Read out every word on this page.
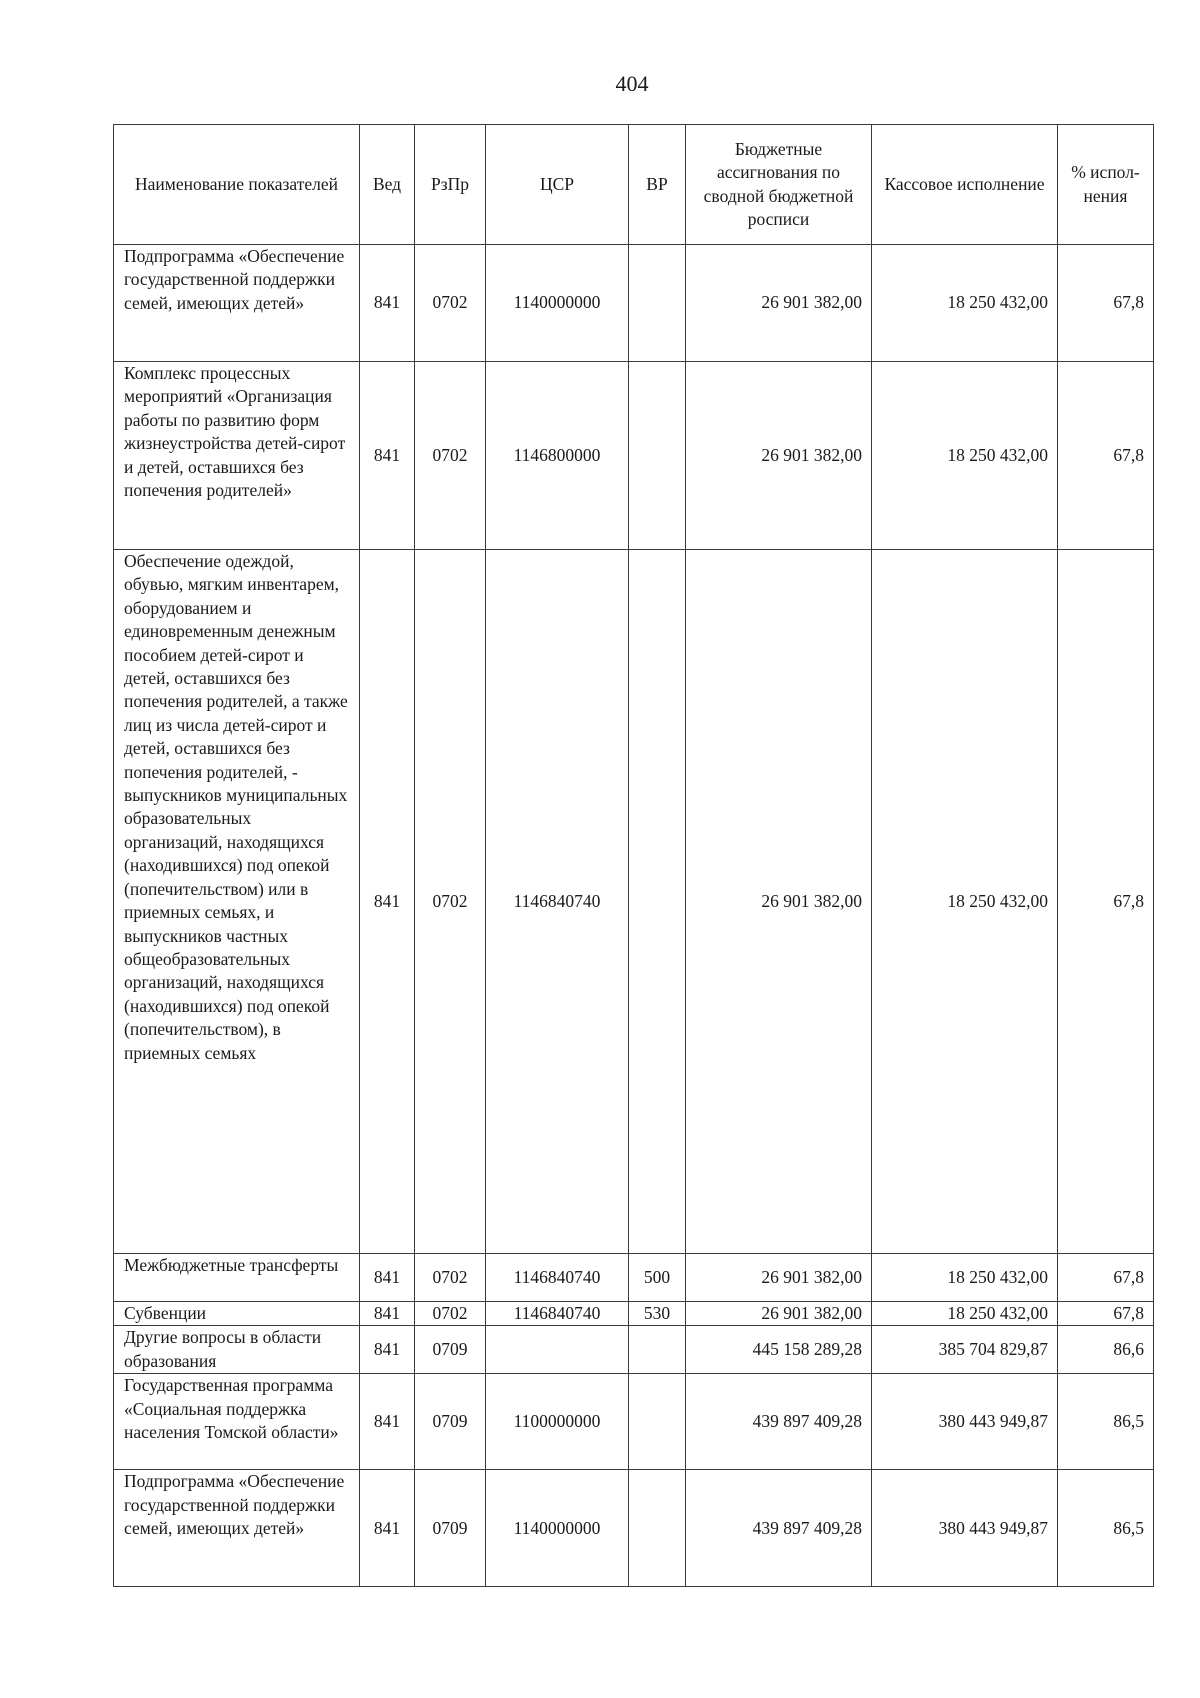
404
Наименование показателей	Вед	РзПр	ЦСР	ВР	Бюджетные ассигнования по сводной бюджетной росписи	Кассовое исполнение	% испол-нения
Подпрограмма «Обеспечение государственной поддержки семей, имеющих детей»	841	0702	1140000000		26 901 382,00	18 250 432,00	67,8
Комплекс процессных мероприятий «Организация работы по развитию форм жизнеустройства детей-сирот и детей, оставшихся без попечения родителей»	841	0702	1146800000		26 901 382,00	18 250 432,00	67,8
Обеспечение одеждой, обувью, мягким инвентарем, оборудованием и единовременным денежным пособием детей-сирот и детей, оставшихся без попечения родителей, а также лиц из числа детей-сирот и детей, оставшихся без попечения родителей, - выпускников муниципальных образовательных организаций, находящихся (находившихся) под опекой (попечительством) или в приемных семьях, и выпускников частных общеобразовательных организаций, находящихся (находившихся) под опекой (попечительством), в приемных семьях	841	0702	1146840740		26 901 382,00	18 250 432,00	67,8
Межбюджетные трансферты	841	0702	1146840740	500	26 901 382,00	18 250 432,00	67,8
Субвенции	841	0702	1146840740	530	26 901 382,00	18 250 432,00	67,8
Другие вопросы в области образования	841	0709			445 158 289,28	385 704 829,87	86,6
Государственная программа «Социальная поддержка населения Томской области»	841	0709	1100000000		439 897 409,28	380 443 949,87	86,5
Подпрограмма «Обеспечение государственной поддержки семей, имеющих детей»	841	0709	1140000000		439 897 409,28	380 443 949,87	86,5
